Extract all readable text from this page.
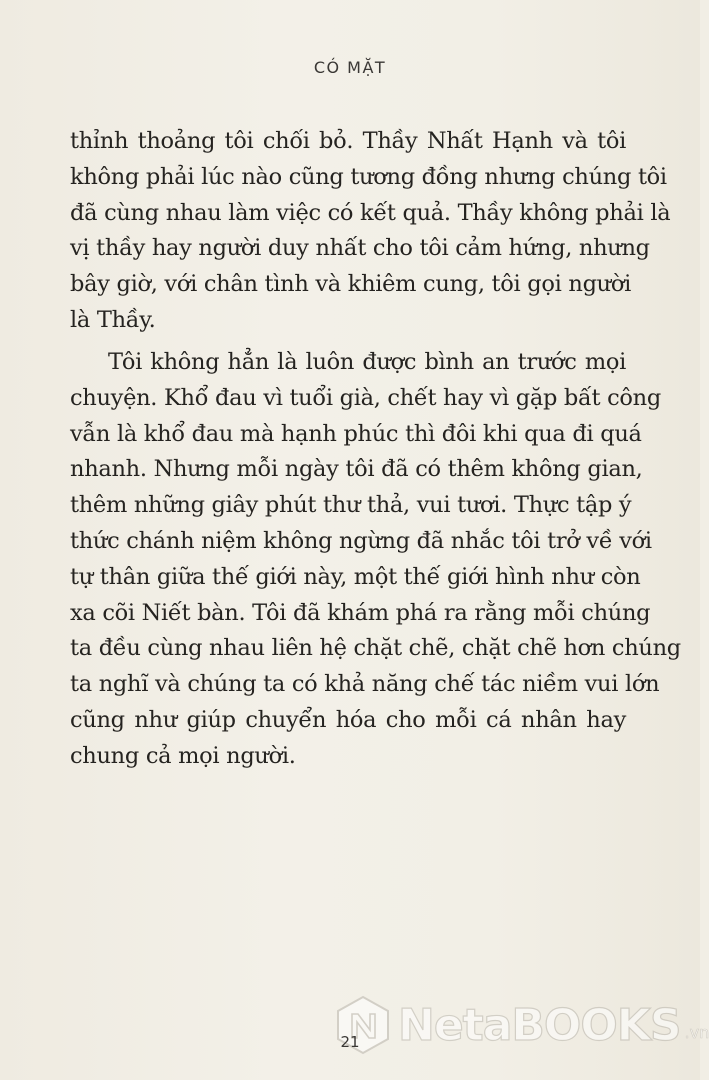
CÓ MẶT
thỉnh thoảng tôi chối bỏ. Thầy Nhất Hạnh và tôi
không phải lúc nào cũng tương đồng nhưng chúng tôi
đã cùng nhau làm việc có kết quả. Thầy không phải là
vị thầy hay người duy nhất cho tôi cảm hứng, nhưng
bây giờ, với chân tình và khiêm cung, tôi gọi người
là Thầy.
Tôi không hẳn là luôn được bình an trước mọi
chuyện. Khổ đau vì tuổi già, chết hay vì gặp bất công
vẫn là khổ đau mà hạnh phúc thì đôi khi qua đi quá
nhanh. Nhưng mỗi ngày tôi đã có thêm không gian,
thêm những giây phút thư thả, vui tươi. Thực tập ý
thức chánh niệm không ngừng đã nhắc tôi trở về với
tự thân giữa thế giới này, một thế giới hình như còn
xa cõi Niết bàn. Tôi đã khám phá ra rằng mỗi chúng
ta đều cùng nhau liên hệ chặt chẽ, chặt chẽ hơn chúng
ta nghĩ và chúng ta có khả năng chế tác niềm vui lớn
cũng như giúp chuyển hóa cho mỗi cá nhân hay
chung cả mọi người.
NetaBOOKS .vn
21
